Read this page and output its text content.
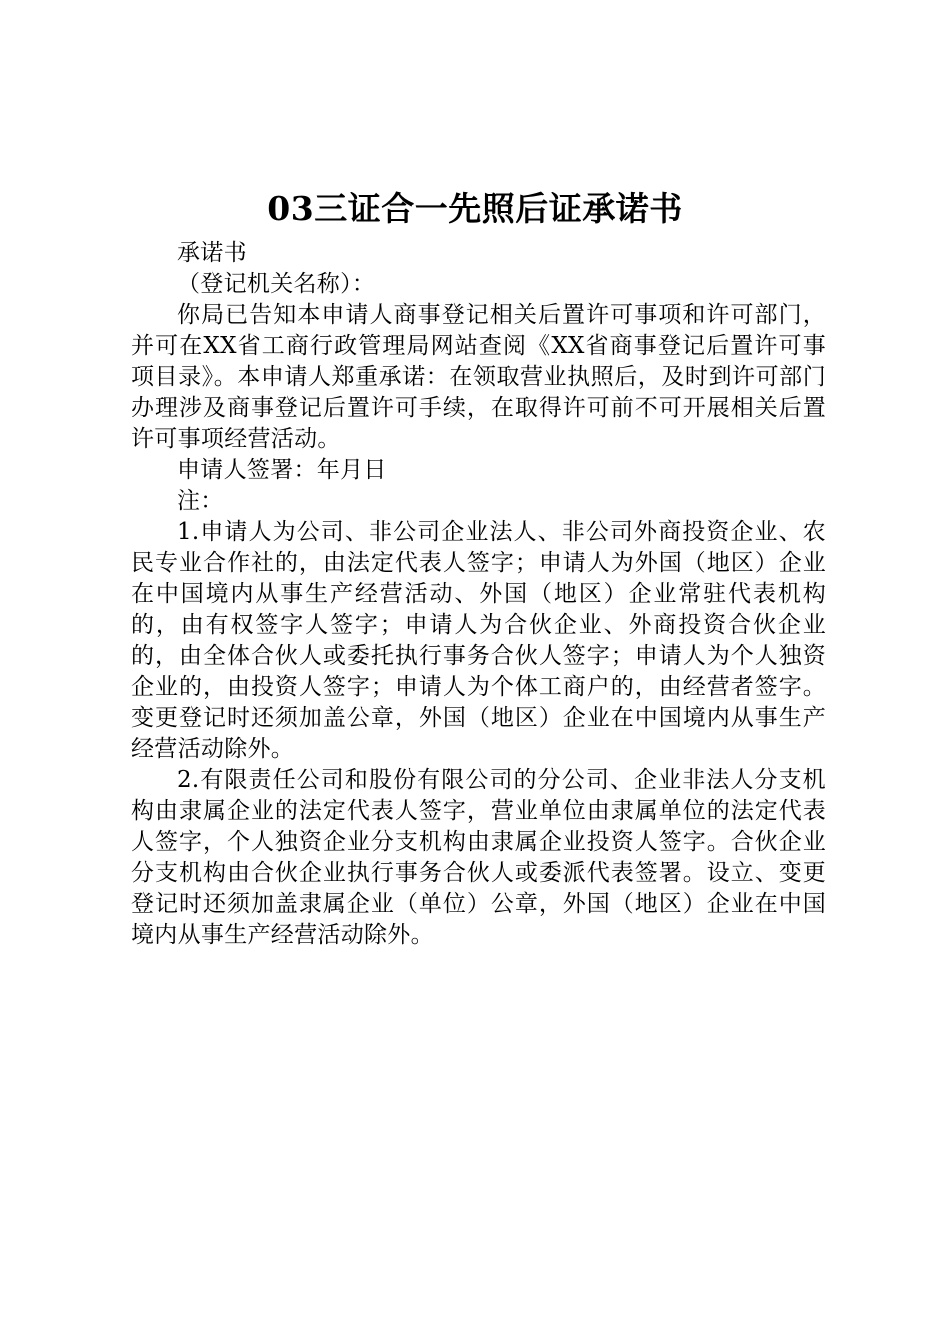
03三证合一先照后证承诺书

承诺书

（登记机关名称）：

你局已告知本申请人商事登记相关后置许可事项和许可部门，并可在XX省工商行政管理局网站查阅《XX省商事登记后置许可事项目录》。本申请人郑重承诺：在领取营业执照后，及时到许可部门办理涉及商事登记后置许可手续，在取得许可前不可开展相关后置许可事项经营活动。

申请人签署：年月日

注：

1.申请人为公司、非公司企业法人、非公司外商投资企业、农民专业合作社的，由法定代表人签字；申请人为外国（地区）企业在中国境内从事生产经营活动、外国（地区）企业常驻代表机构的，由有权签字人签字；申请人为合伙企业、外商投资合伙企业的，由全体合伙人或委托执行事务合伙人签字；申请人为个人独资企业的，由投资人签字；申请人为个体工商户的，由经营者签字。变更登记时还须加盖公章，外国（地区）企业在中国境内从事生产经营活动除外。

2.有限责任公司和股份有限公司的分公司、企业非法人分支机构由隶属企业的法定代表人签字，营业单位由隶属单位的法定代表人签字，个人独资企业分支机构由隶属企业投资人签字。合伙企业分支机构由合伙企业执行事务合伙人或委派代表签署。设立、变更登记时还须加盖隶属企业（单位）公章，外国（地区）企业在中国境内从事生产经营活动除外。
